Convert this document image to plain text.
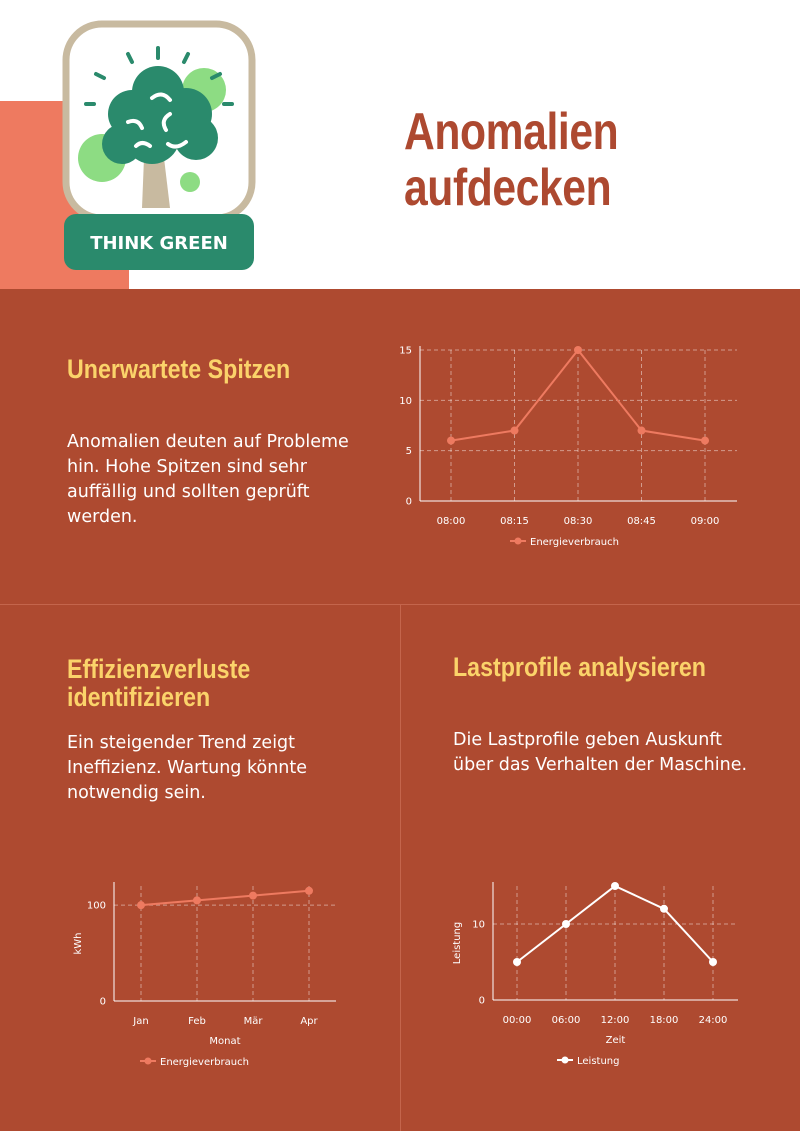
THINK GREEN
Anomalien
aufdecken
Unerwartete Spitzen
Anomalien deuten auf Probleme hin. Hohe Spitzen sind sehr auffällig und sollten geprüft werden.
Effizienzverluste
identifizieren
Ein steigender Trend zeigt Ineffizienz. Wartung könnte notwendig sein.
Lastprofile analysieren
Die Lastprofile geben Auskunft über das Verhalten der Maschine.
0
5
10
15
08:00	08:15	08:30	08:45	09:00
Energieverbrauch
0
100
Jan	Feb	Mär	Apr
Monat
kWh
Energieverbrauch
0
10
00:00 06:00 12:00 18:00 24:00
Zeit
Leistung
Leistung
